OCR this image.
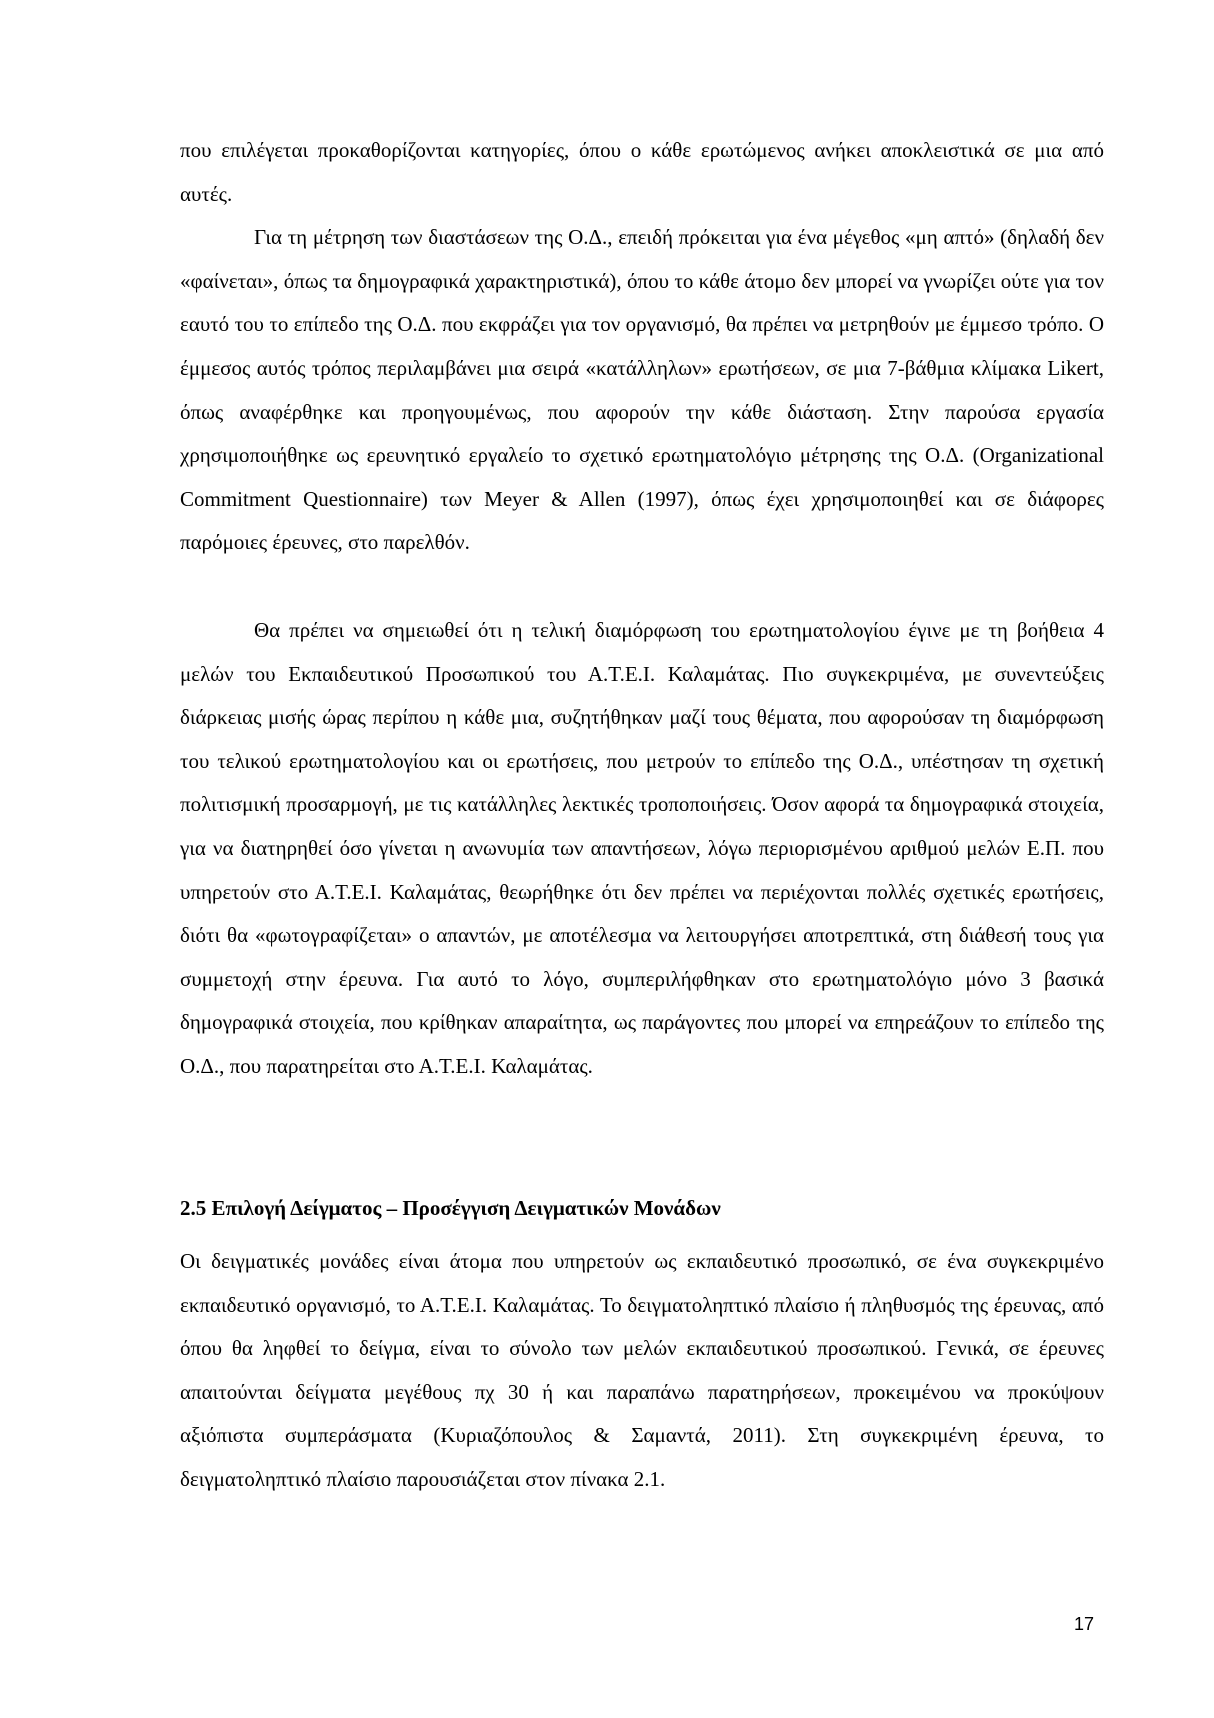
που επιλέγεται προκαθορίζονται κατηγορίες, όπου ο κάθε ερωτώμενος ανήκει αποκλειστικά σε μια από αυτές.

Για τη μέτρηση των διαστάσεων της Ο.Δ., επειδή πρόκειται για ένα μέγεθος «μη απτό» (δηλαδή δεν «φαίνεται», όπως τα δημογραφικά χαρακτηριστικά), όπου το κάθε άτομο δεν μπορεί να γνωρίζει ούτε για τον εαυτό του το επίπεδο της Ο.Δ. που εκφράζει για τον οργανισμό, θα πρέπει να μετρηθούν με έμμεσο τρόπο. Ο έμμεσος αυτός τρόπος περιλαμβάνει μια σειρά «κατάλληλων» ερωτήσεων, σε μια 7-βάθμια κλίμακα Likert, όπως αναφέρθηκε και προηγουμένως, που αφορούν την κάθε διάσταση. Στην παρούσα εργασία χρησιμοποιήθηκε ως ερευνητικό εργαλείο το σχετικό ερωτηματολόγιο μέτρησης της Ο.Δ. (Organizational Commitment Questionnaire) των Meyer & Allen (1997), όπως έχει χρησιμοποιηθεί και σε διάφορες παρόμοιες έρευνες, στο παρελθόν.

Θα πρέπει να σημειωθεί ότι η τελική διαμόρφωση του ερωτηματολογίου έγινε με τη βοήθεια 4 μελών του Εκπαιδευτικού Προσωπικού του Α.Τ.Ε.Ι. Καλαμάτας. Πιο συγκεκριμένα, με συνεντεύξεις διάρκειας μισής ώρας περίπου η κάθε μια, συζητήθηκαν μαζί τους θέματα, που αφορούσαν τη διαμόρφωση του τελικού ερωτηματολογίου και οι ερωτήσεις, που μετρούν το επίπεδο της Ο.Δ., υπέστησαν τη σχετική πολιτισμική προσαρμογή, με τις κατάλληλες λεκτικές τροποποιήσεις. Όσον αφορά τα δημογραφικά στοιχεία, για να διατηρηθεί όσο γίνεται η ανωνυμία των απαντήσεων, λόγω περιορισμένου αριθμού μελών Ε.Π. που υπηρετούν στο Α.Τ.Ε.Ι. Καλαμάτας, θεωρήθηκε ότι δεν πρέπει να περιέχονται πολλές σχετικές ερωτήσεις, διότι θα «φωτογραφίζεται» ο απαντών, με αποτέλεσμα να λειτουργήσει αποτρεπτικά, στη διάθεσή τους για συμμετοχή στην έρευνα. Για αυτό το λόγο, συμπεριλήφθηκαν στο ερωτηματολόγιο μόνο 3 βασικά δημογραφικά στοιχεία, που κρίθηκαν απαραίτητα, ως παράγοντες που μπορεί να επηρεάζουν το επίπεδο της Ο.Δ., που παρατηρείται στο Α.Τ.Ε.Ι. Καλαμάτας.

2.5 Επιλογή Δείγματος – Προσέγγιση Δειγματικών Μονάδων

Οι δειγματικές μονάδες είναι άτομα που υπηρετούν ως εκπαιδευτικό προσωπικό, σε ένα συγκεκριμένο εκπαιδευτικό οργανισμό, το Α.Τ.Ε.Ι. Καλαμάτας. Το δειγματοληπτικό πλαίσιο ή πληθυσμός της έρευνας, από όπου θα ληφθεί το δείγμα, είναι το σύνολο των μελών εκπαιδευτικού προσωπικού. Γενικά, σε έρευνες απαιτούνται δείγματα μεγέθους πχ 30 ή και παραπάνω παρατηρήσεων, προκειμένου να προκύψουν αξιόπιστα συμπεράσματα (Κυριαζόπουλος & Σαμαντά, 2011). Στη συγκεκριμένη έρευνα, το δειγματοληπτικό πλαίσιο παρουσιάζεται στον πίνακα 2.1.

17
